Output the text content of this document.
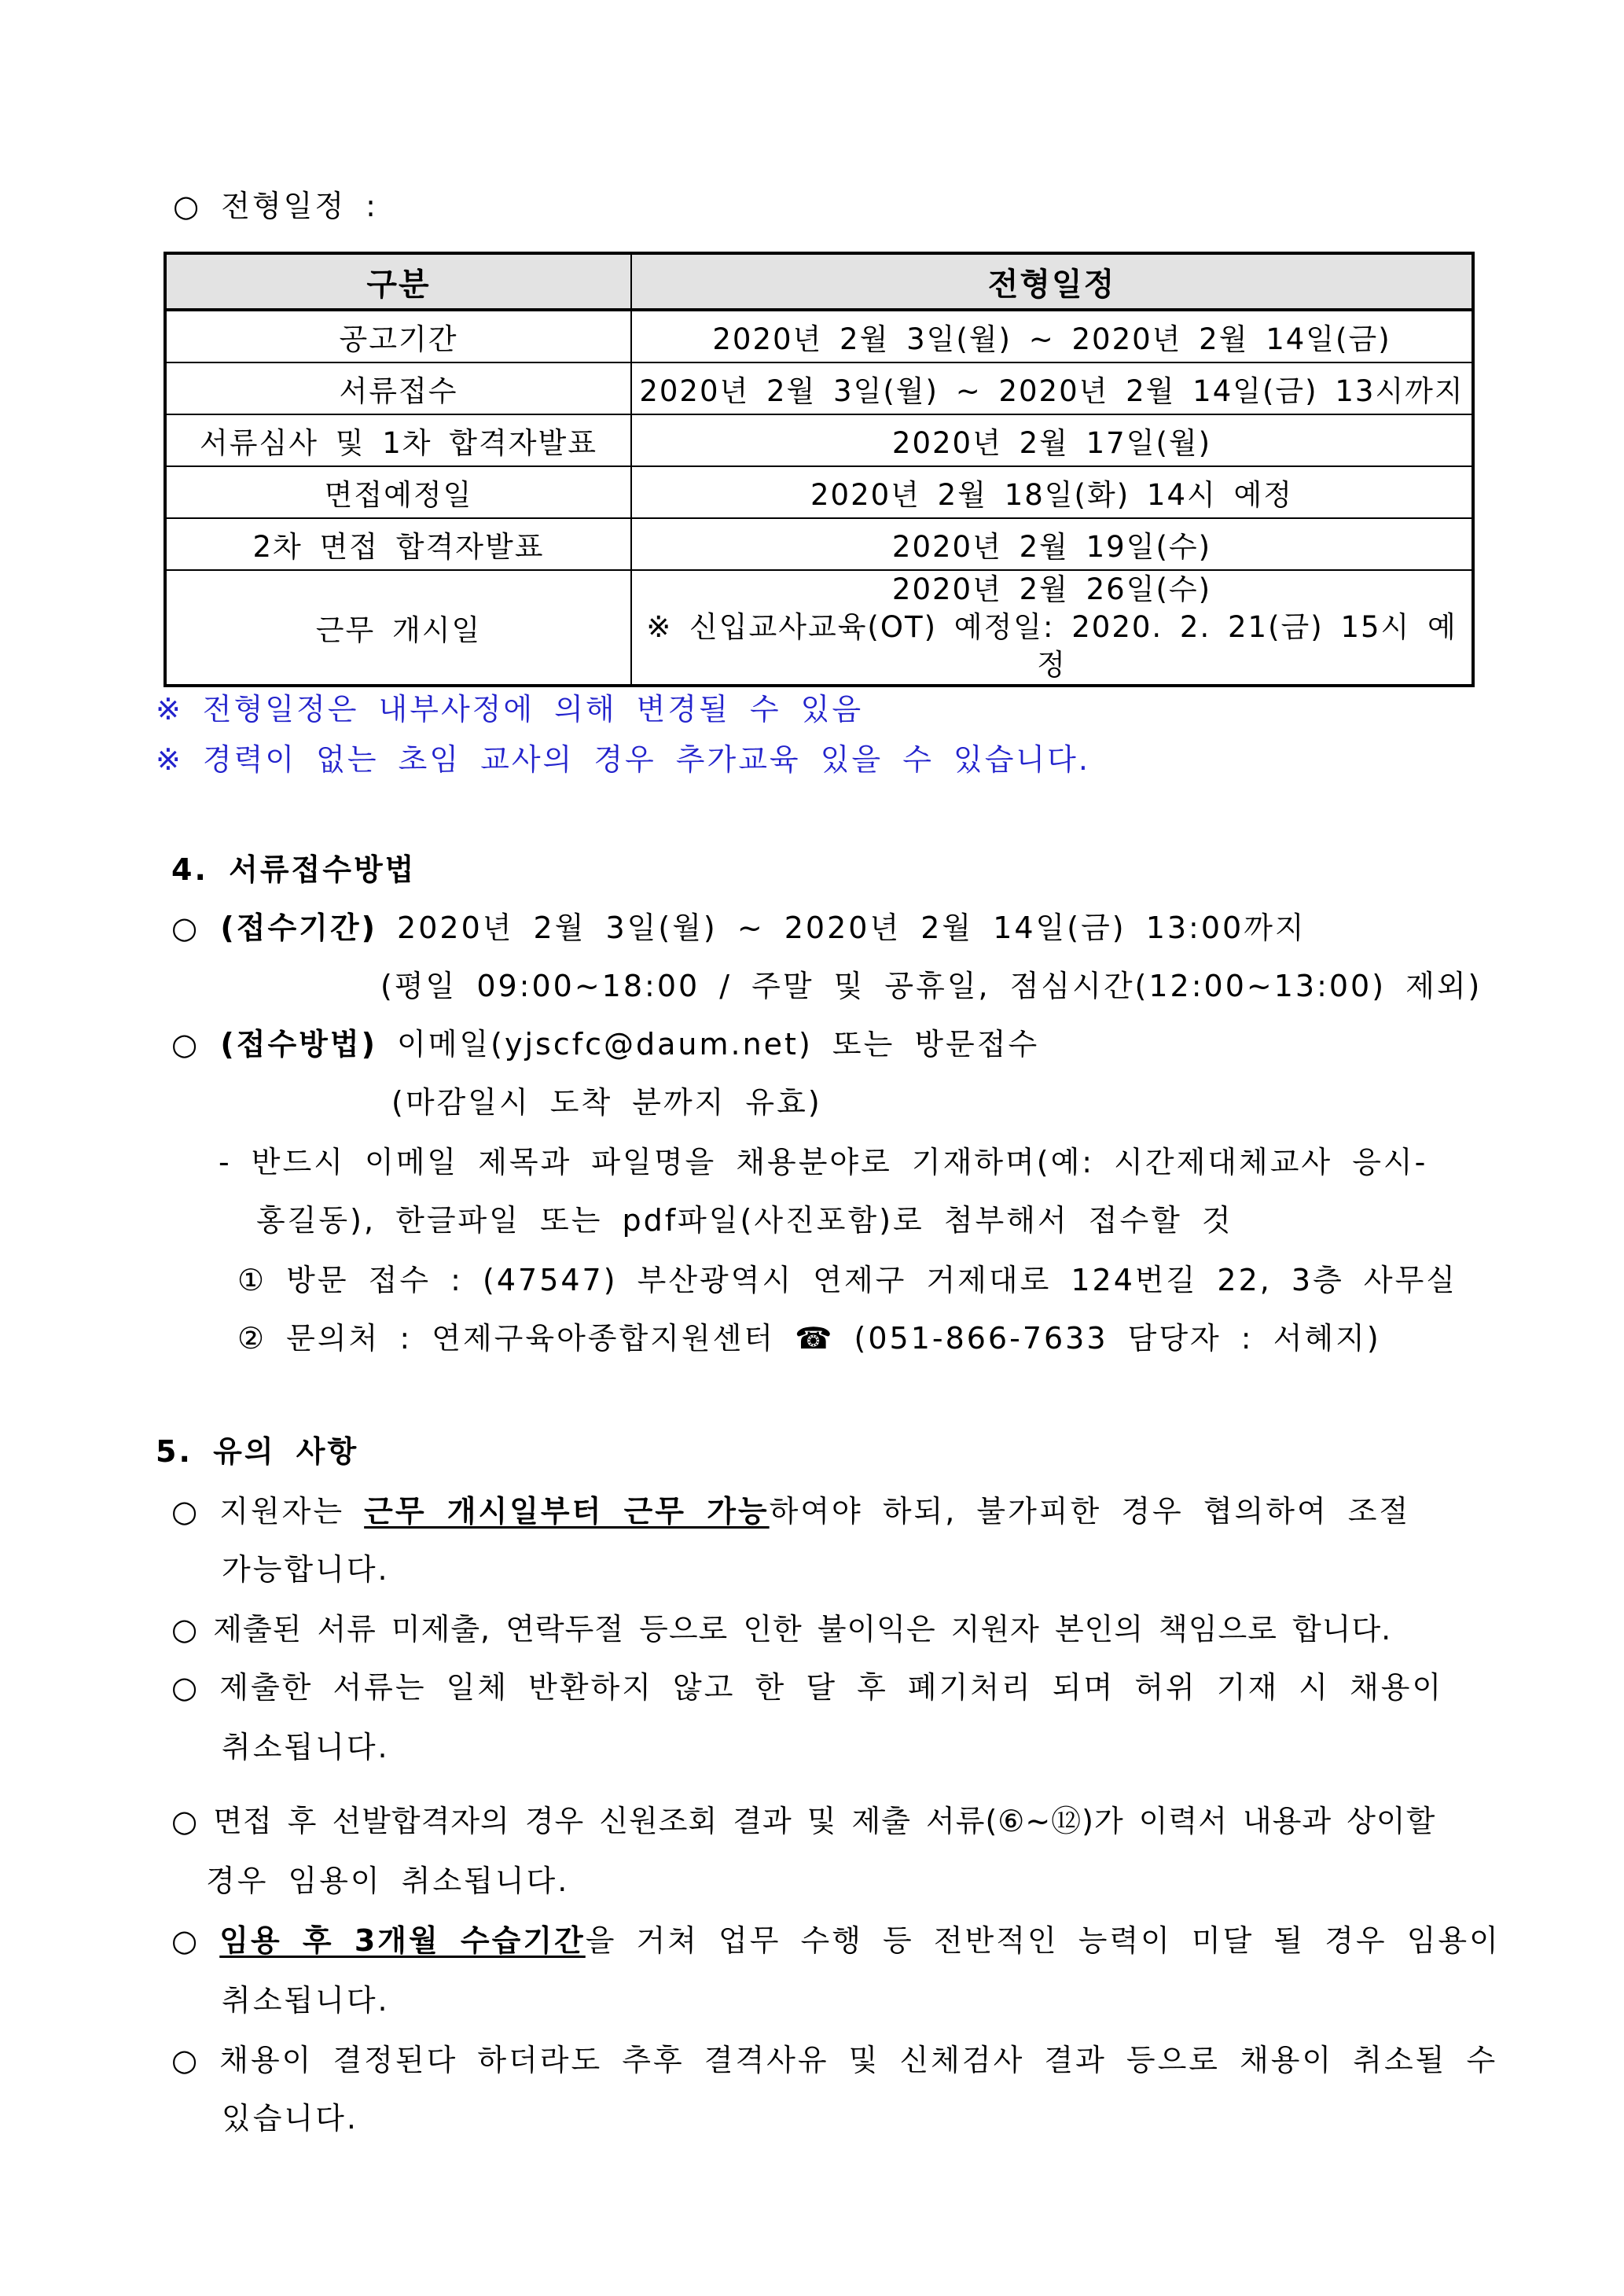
○ 전형일정 :
구분	전형일정
공고기간	2020년 2월 3일(월) ~ 2020년 2월 14일(금)
서류접수	2020년 2월 3일(월) ~ 2020년 2월 14일(금) 13시까지
서류심사 및 1차 합격자발표	2020년 2월 17일(월)
면접예정일	2020년 2월 18일(화) 14시 예정
2차 면접 합격자발표	2020년 2월 19일(수)
근무 개시일	2020년 2월 26일(수)
※ 신입교사교육(OT) 예정일: 2020. 2. 21(금) 15시 예정
※ 전형일정은 내부사정에 의해 변경될 수 있음
※ 경력이 없는 초임 교사의 경우 추가교육 있을 수 있습니다.
4. 서류접수방법
○ (접수기간) 2020년 2월 3일(월) ~ 2020년 2월 14일(금) 13:00까지
(평일 09:00~18:00 / 주말 및 공휴일, 점심시간(12:00~13:00) 제외)
○ (접수방법) 이메일(yjscfc@daum.net) 또는 방문접수
(마감일시 도착 분까지 유효)
- 반드시 이메일 제목과 파일명을 채용분야로 기재하며(예: 시간제대체교사 응시-
홍길동), 한글파일 또는 pdf파일(사진포함)로 첨부해서 접수할 것
① 방문 접수 : (47547) 부산광역시 연제구 거제대로 124번길 22, 3층 사무실
② 문의처 : 연제구육아종합지원센터 ☎ (051-866-7633 담당자 : 서혜지)
5. 유의 사항
○ 지원자는 근무 개시일부터 근무 가능하여야 하되, 불가피한 경우 협의하여 조절
가능합니다.
○ 제출된 서류 미제출, 연락두절 등으로 인한 불이익은 지원자 본인의 책임으로 합니다.
○ 제출한 서류는 일체 반환하지 않고 한 달 후 폐기처리 되며 허위 기재 시 채용이
취소됩니다.
○ 면접 후 선발합격자의 경우 신원조회 결과 및 제출 서류(⑥~⑫)가 이력서 내용과 상이할
경우 임용이 취소됩니다.
○ 임용 후 3개월 수습기간을 거쳐 업무 수행 등 전반적인 능력이 미달 될 경우 임용이
취소됩니다.
○ 채용이 결정된다 하더라도 추후 결격사유 및 신체검사 결과 등으로 채용이 취소될 수
있습니다.
